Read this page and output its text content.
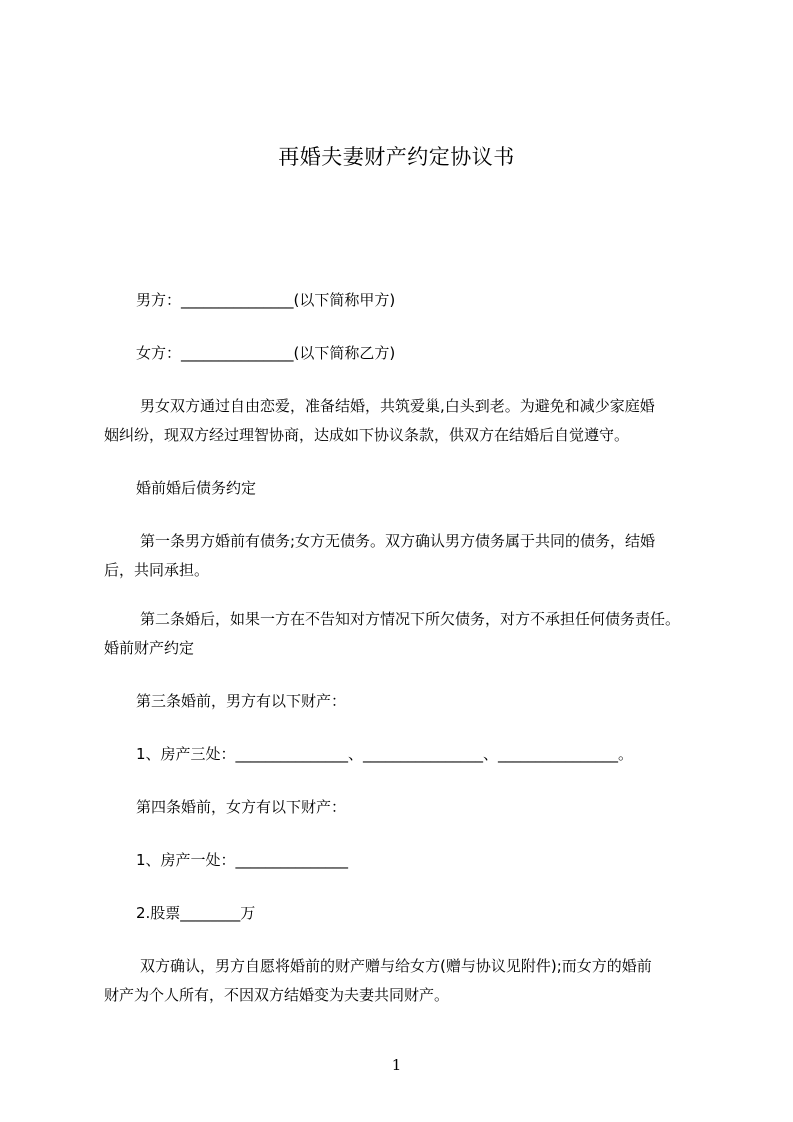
再婚夫妻财产约定协议书
男方：_______________(以下简称甲方)
女方：_______________(以下简称乙方)
男女双方通过自由恋爱，准备结婚，共筑爱巢,白头到老。为避免和减少家庭婚
姻纠纷，现双方经过理智协商，达成如下协议条款，供双方在结婚后自觉遵守。
婚前婚后债务约定
第一条男方婚前有债务;女方无债务。双方确认男方债务属于共同的债务，结婚
后，共同承担。
第二条婚后，如果一方在不告知对方情况下所欠债务，对方不承担任何债务责任。
婚前财产约定
第三条婚前，男方有以下财产：
1、房产三处：_______________、________________、________________。
第四条婚前，女方有以下财产：
1、房产一处：_______________
2.股票________万
双方确认，男方自愿将婚前的财产赠与给女方(赠与协议见附件);而女方的婚前
财产为个人所有，不因双方结婚变为夫妻共同财产。
1
